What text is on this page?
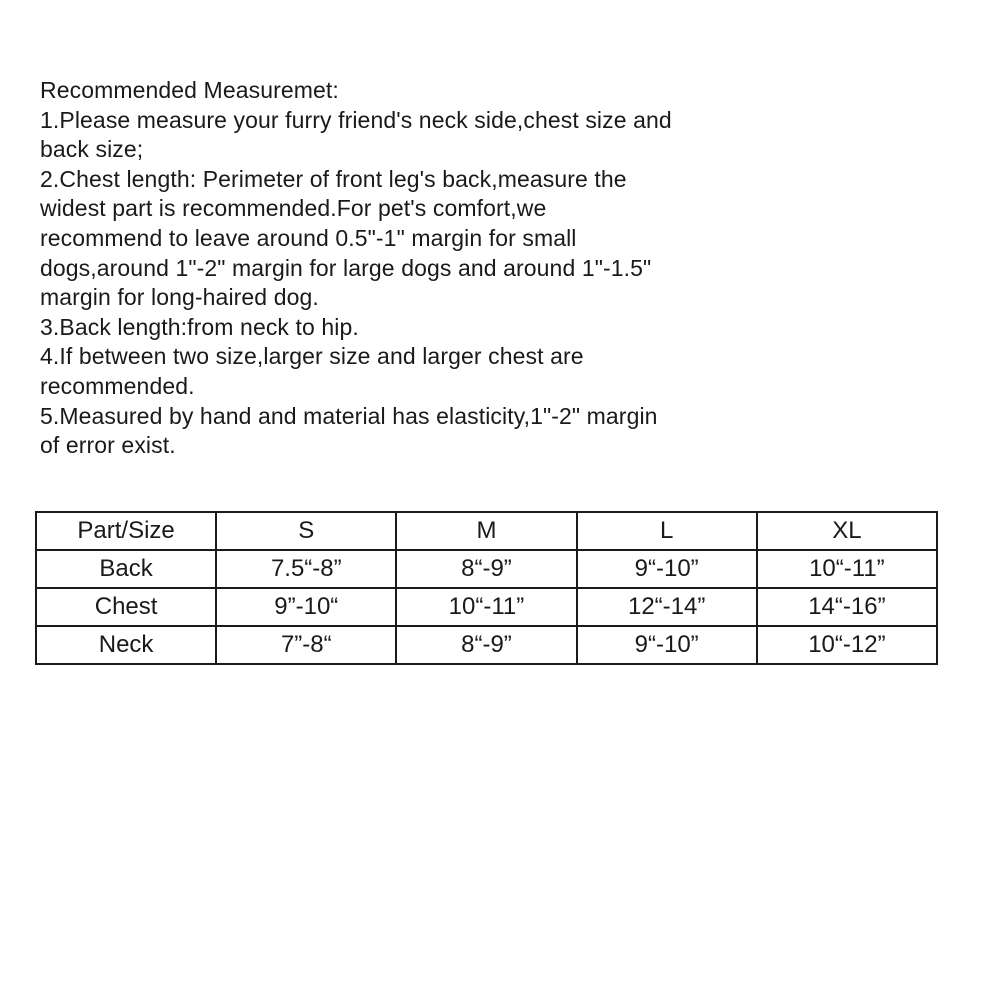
Recommended Measuremet:
1.Please measure your furry friend's neck side,chest size and
back size;
2.Chest length: Perimeter of front leg's back,measure the
widest part is recommended.For pet's comfort,we
recommend to leave around 0.5"-1" margin for small
dogs,around 1"-2" margin for large dogs and around 1"-1.5"
margin for long-haired dog.
3.Back length:from neck to hip.
4.If between two size,larger size and larger chest are
recommended.
5.Measured by hand and material has elasticity,1"-2" margin
of error exist.
Part/Size	S	M	L	XL
Back	7.5“-8”	8“-9”	9“-10”	10“-11”
Chest	9”-10“	10“-11”	12“-14”	14“-16”
Neck	7”-8“	8“-9”	9“-10”	10“-12”
